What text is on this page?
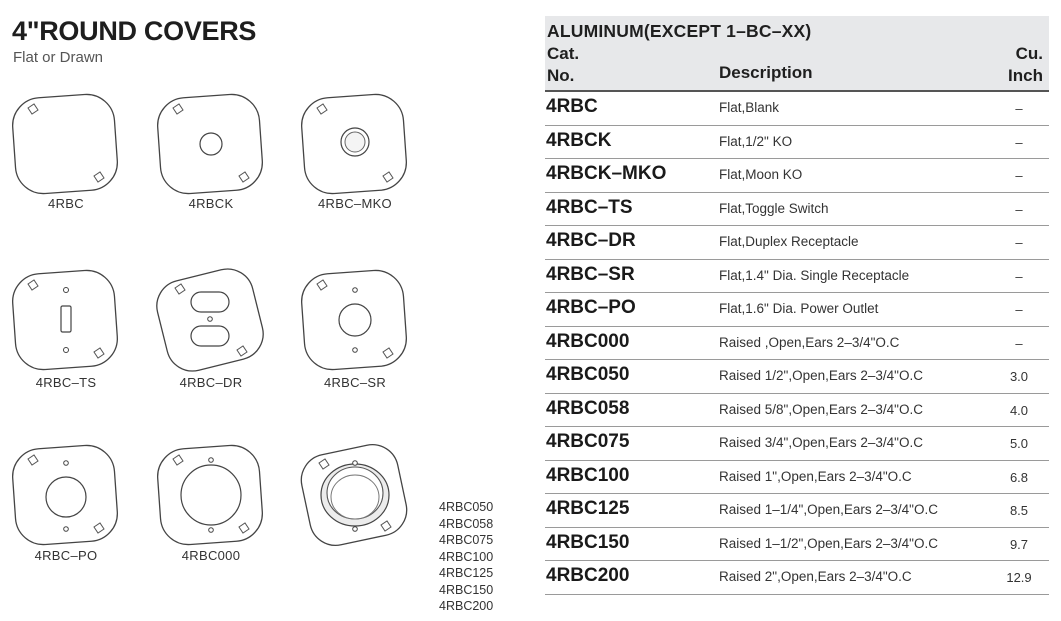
4"ROUND COVERS
Flat or Drawn
4RBC	4RBCK	4RBC–MKO
4RBC–TS	4RBC–DR	4RBC–SR
4RBC–PO	4RBC000
4RBC050
4RBC058
4RBC075
4RBC100
4RBC125
4RBC150
4RBC200
ALUMINUM(EXCEPT 1–BC–XX)
Cat.
No.	Description
Cu.
Inch
4RBC	Flat,Blank	–
4RBCK	Flat,1/2" KO	–
4RBCK–MKO	Flat,Moon KO	–
4RBC–TS	Flat,Toggle Switch	–
4RBC–DR	Flat,Duplex Receptacle	–
4RBC–SR	Flat,1.4" Dia. Single Receptacle	–
4RBC–PO	Flat,1.6" Dia. Power Outlet	–
4RBC000	Raised ,Open,Ears 2–3/4"O.C	–
4RBC050	Raised 1/2",Open,Ears 2–3/4"O.C	3.0
4RBC058	Raised 5/8",Open,Ears 2–3/4"O.C	4.0
4RBC075	Raised 3/4",Open,Ears 2–3/4"O.C	5.0
4RBC100	Raised 1",Open,Ears 2–3/4"O.C	6.8
4RBC125	Raised 1–1/4",Open,Ears 2–3/4"O.C	8.5
4RBC150	Raised 1–1/2",Open,Ears 2–3/4"O.C	9.7
4RBC200	Raised 2",Open,Ears 2–3/4"O.C	12.9
